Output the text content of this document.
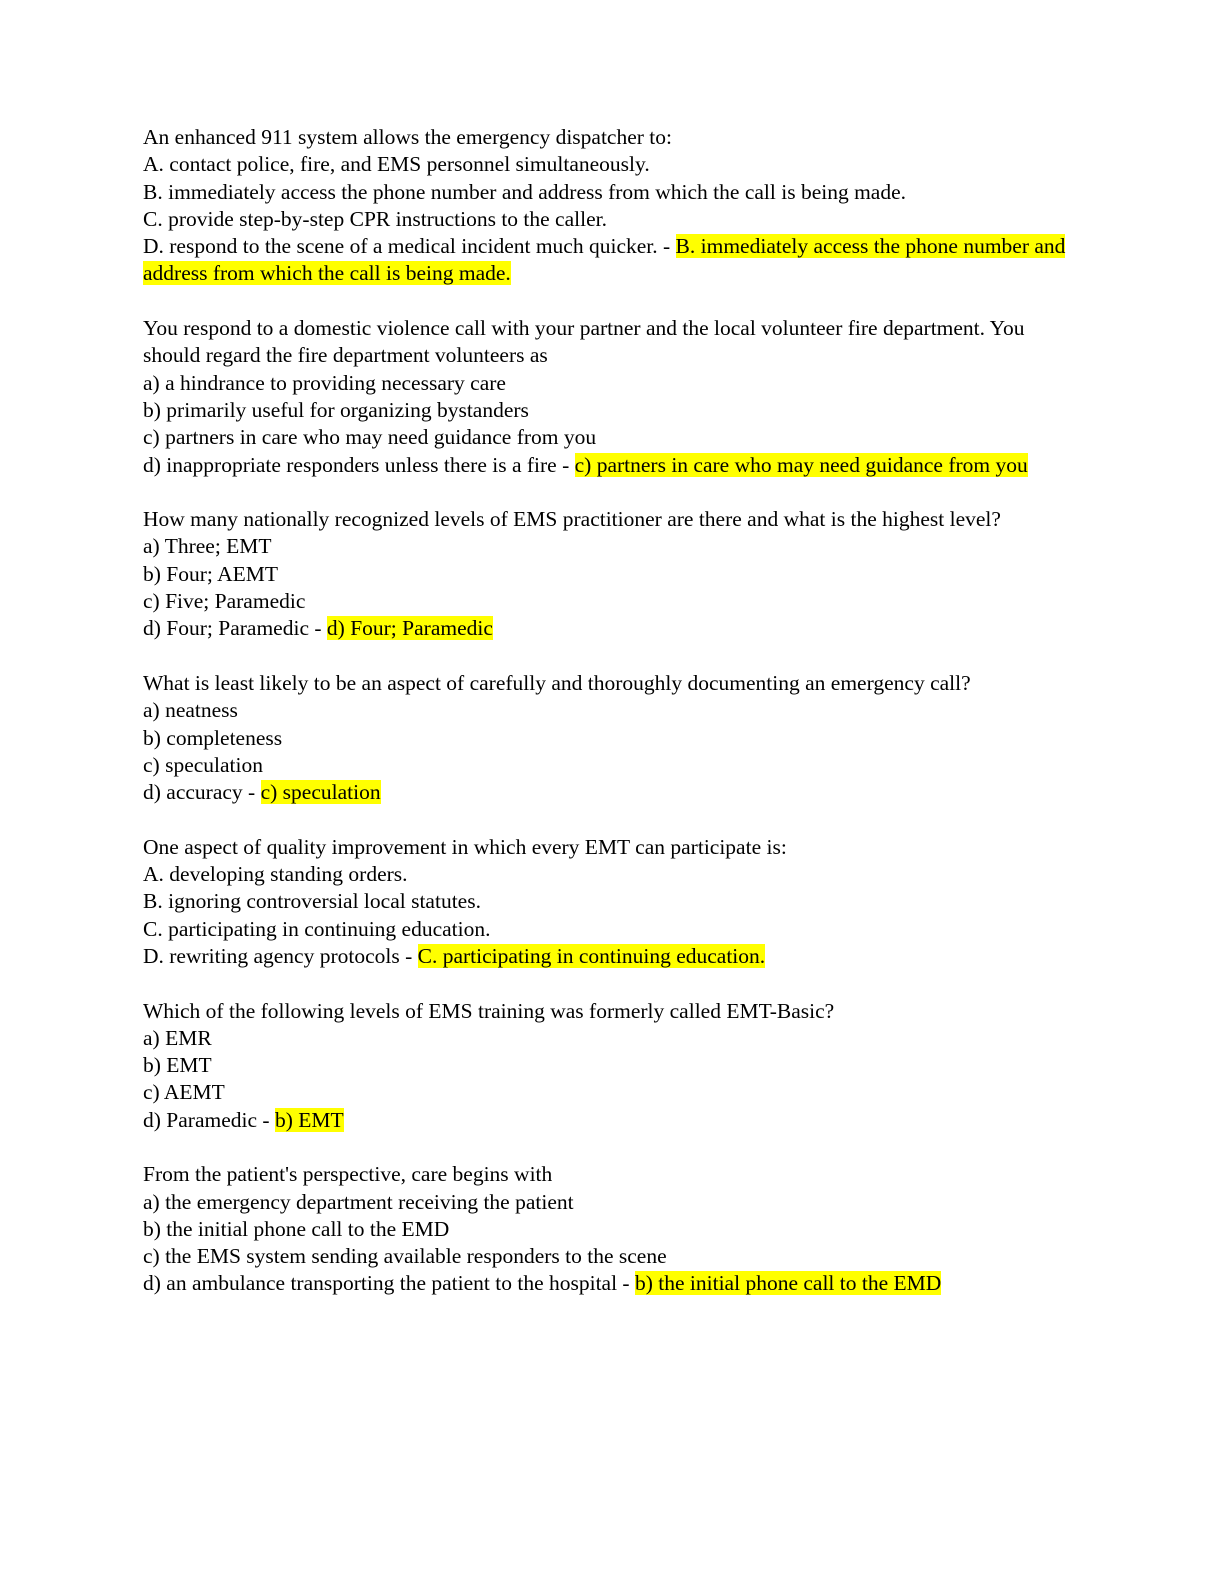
An enhanced 911 system allows the emergency dispatcher to:
A. contact police, fire, and EMS personnel simultaneously.
B. immediately access the phone number and address from which the call is being made.
C. provide step-by-step CPR instructions to the caller.
D. respond to the scene of a medical incident much quicker. - B. immediately access the phone number and address from which the call is being made.
You respond to a domestic violence call with your partner and the local volunteer fire department. You should regard the fire department volunteers as
a) a hindrance to providing necessary care
b) primarily useful for organizing bystanders
c) partners in care who may need guidance from you
d) inappropriate responders unless there is a fire - c) partners in care who may need guidance from you
How many nationally recognized levels of EMS practitioner are there and what is the highest level?
a) Three; EMT
b) Four; AEMT
c) Five; Paramedic
d) Four; Paramedic - d) Four; Paramedic
What is least likely to be an aspect of carefully and thoroughly documenting an emergency call?
a) neatness
b) completeness
c) speculation
d) accuracy - c) speculation
One aspect of quality improvement in which every EMT can participate is:
A. developing standing orders.
B. ignoring controversial local statutes.
C. participating in continuing education.
D. rewriting agency protocols - C. participating in continuing education.
Which of the following levels of EMS training was formerly called EMT-Basic?
a) EMR
b) EMT
c) AEMT
d) Paramedic - b) EMT
From the patient's perspective, care begins with
a) the emergency department receiving the patient
b) the initial phone call to the EMD
c) the EMS system sending available responders to the scene
d) an ambulance transporting the patient to the hospital - b) the initial phone call to the EMD
